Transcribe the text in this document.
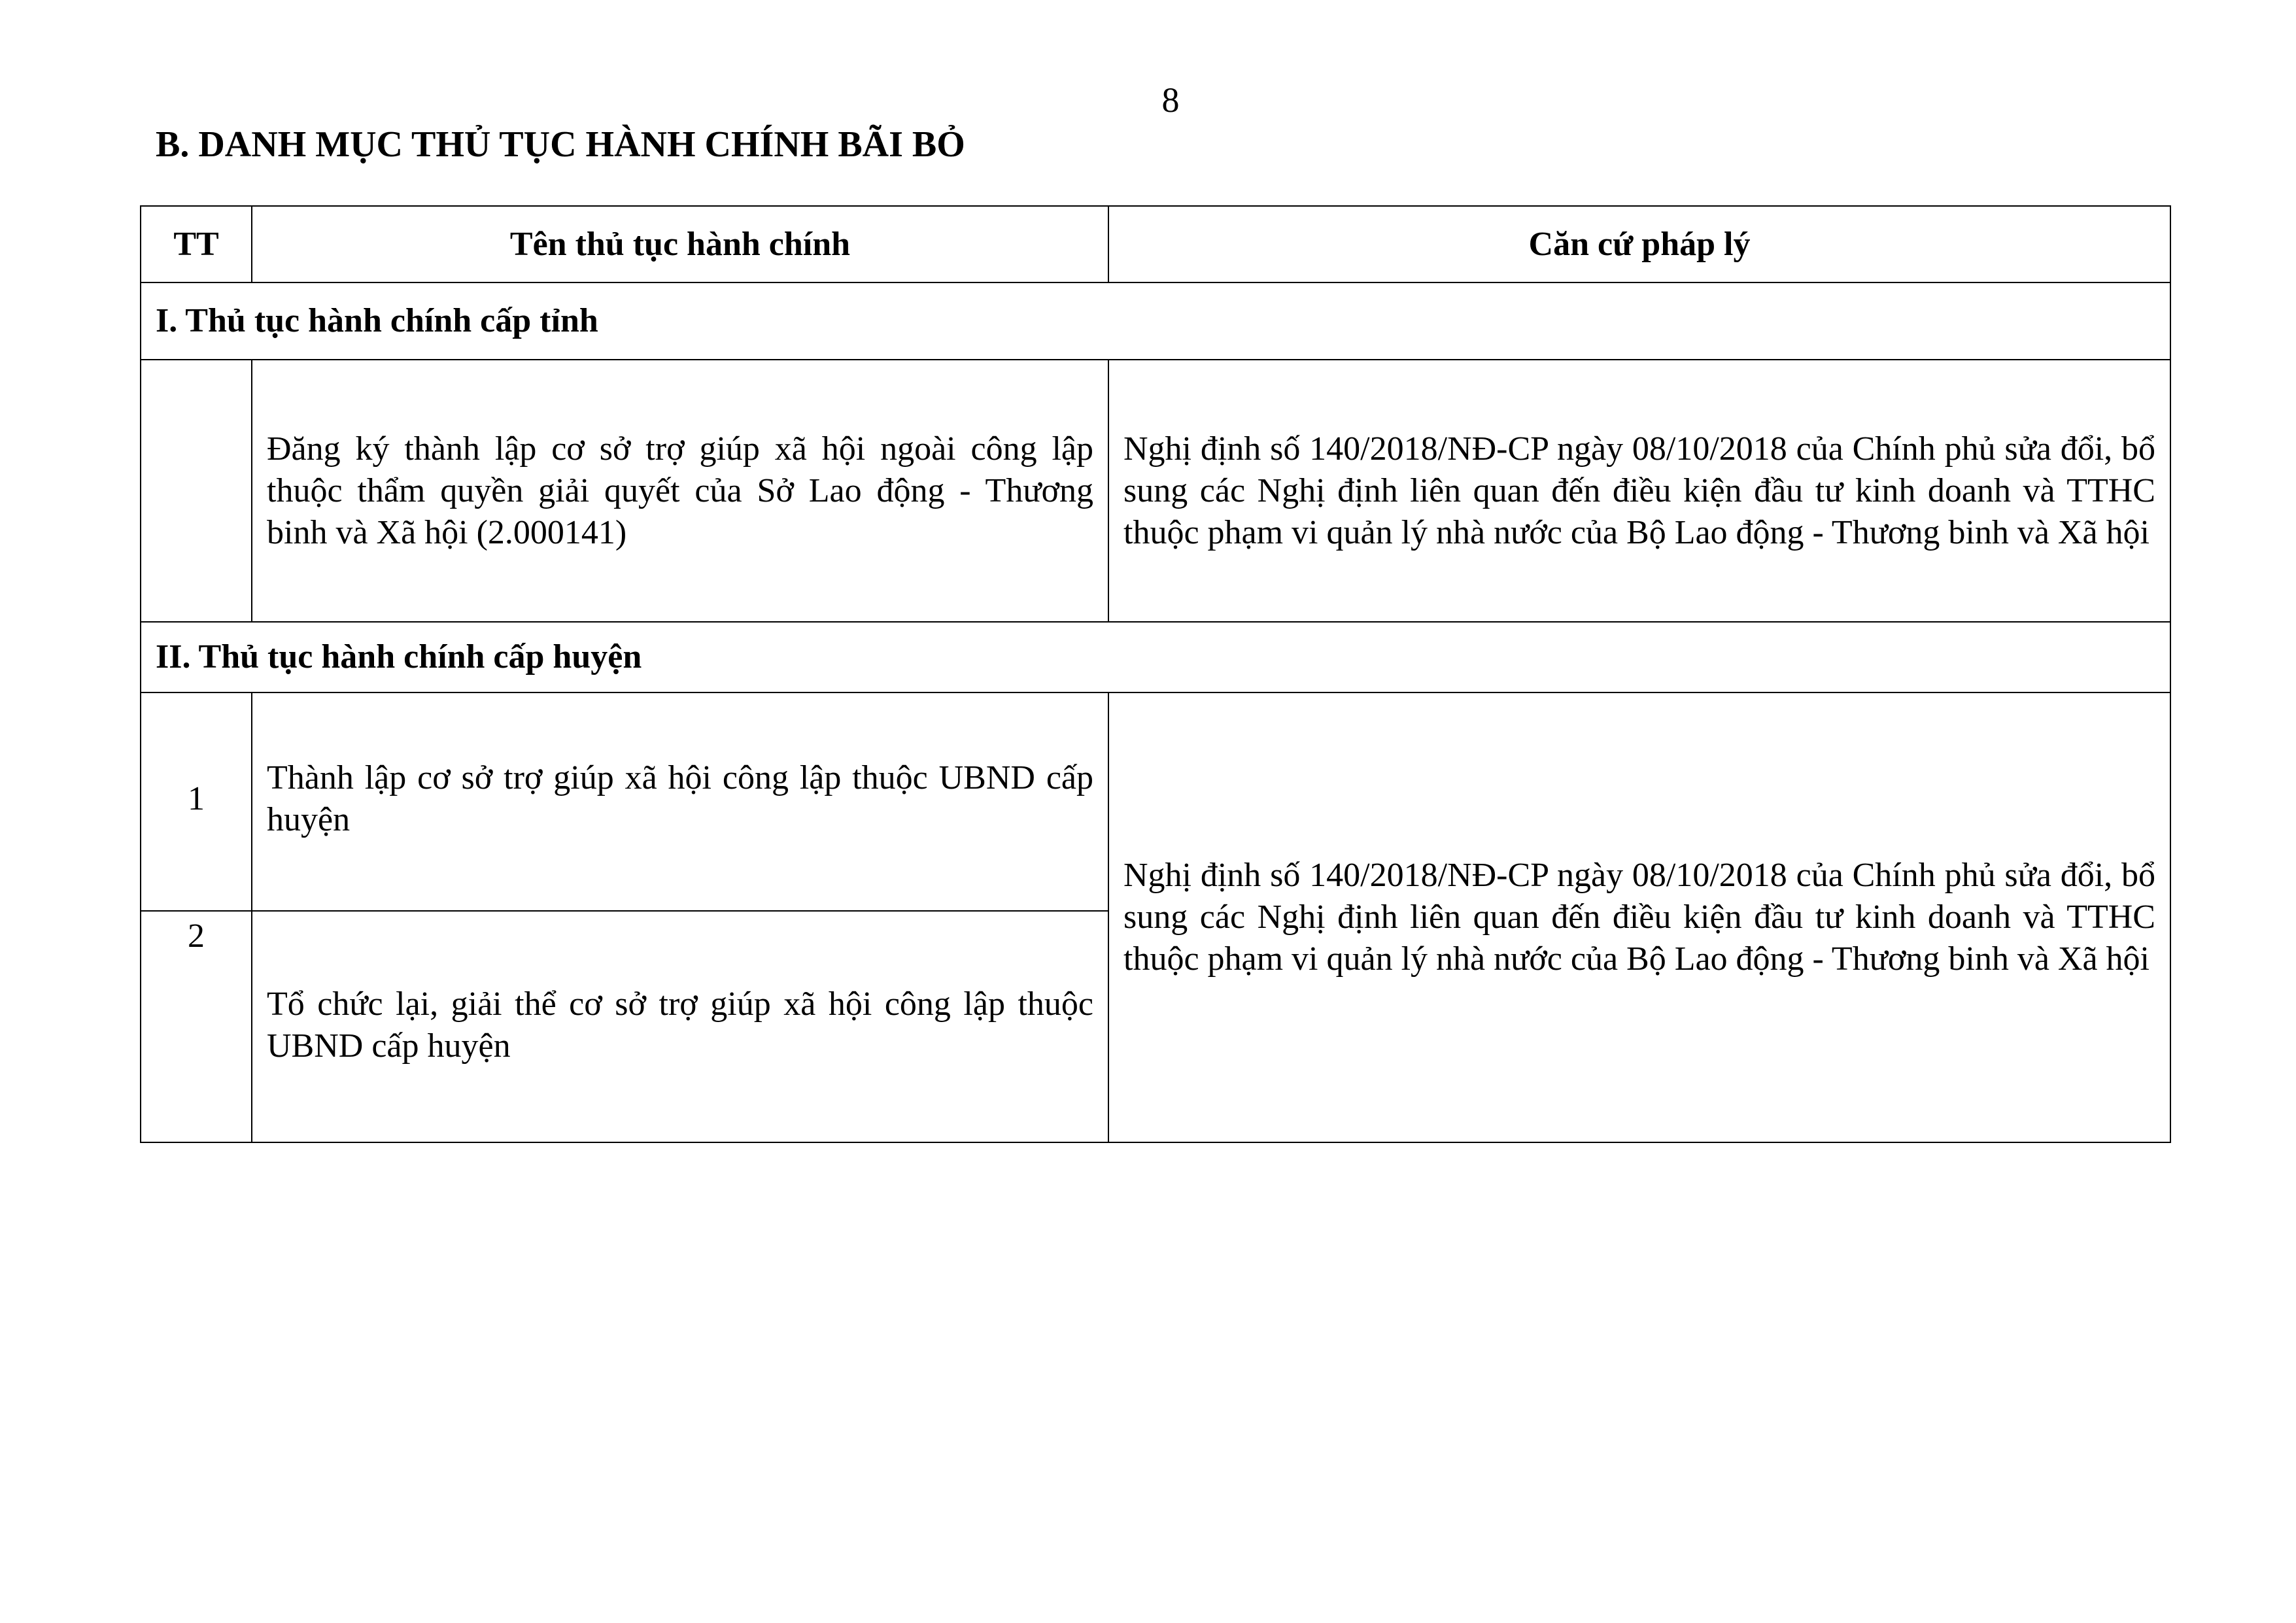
8
B. DANH MỤC THỦ TỤC HÀNH CHÍNH BÃI BỎ
TT	Tên thủ tục hành chính	Căn cứ pháp lý
I. Thủ tục hành chính cấp tỉnh		
	Đăng ký thành lập cơ sở trợ giúp xã hội ngoài công lập thuộc thẩm quyền giải quyết của Sở Lao động - Thương binh và Xã hội (2.000141)	Nghị định số 140/2018/NĐ-CP ngày 08/10/2018 của Chính phủ sửa đổi, bổ sung các Nghị định liên quan đến điều kiện đầu tư kinh doanh và TTHC thuộc phạm vi quản lý nhà nước của Bộ Lao động - Thương binh và Xã hội
II. Thủ tục hành chính cấp huyện		
1	Thành lập cơ sở trợ giúp xã hội công lập thuộc UBND cấp huyện	Nghị định số 140/2018/NĐ-CP ngày 08/10/2018 của Chính phủ sửa đổi, bổ sung các Nghị định liên quan đến điều kiện đầu tư kinh doanh và TTHC thuộc phạm vi quản lý nhà nước của Bộ Lao động - Thương binh và Xã hội
2	Tổ chức lại, giải thể cơ sở trợ giúp xã hội công lập thuộc UBND cấp huyện	
